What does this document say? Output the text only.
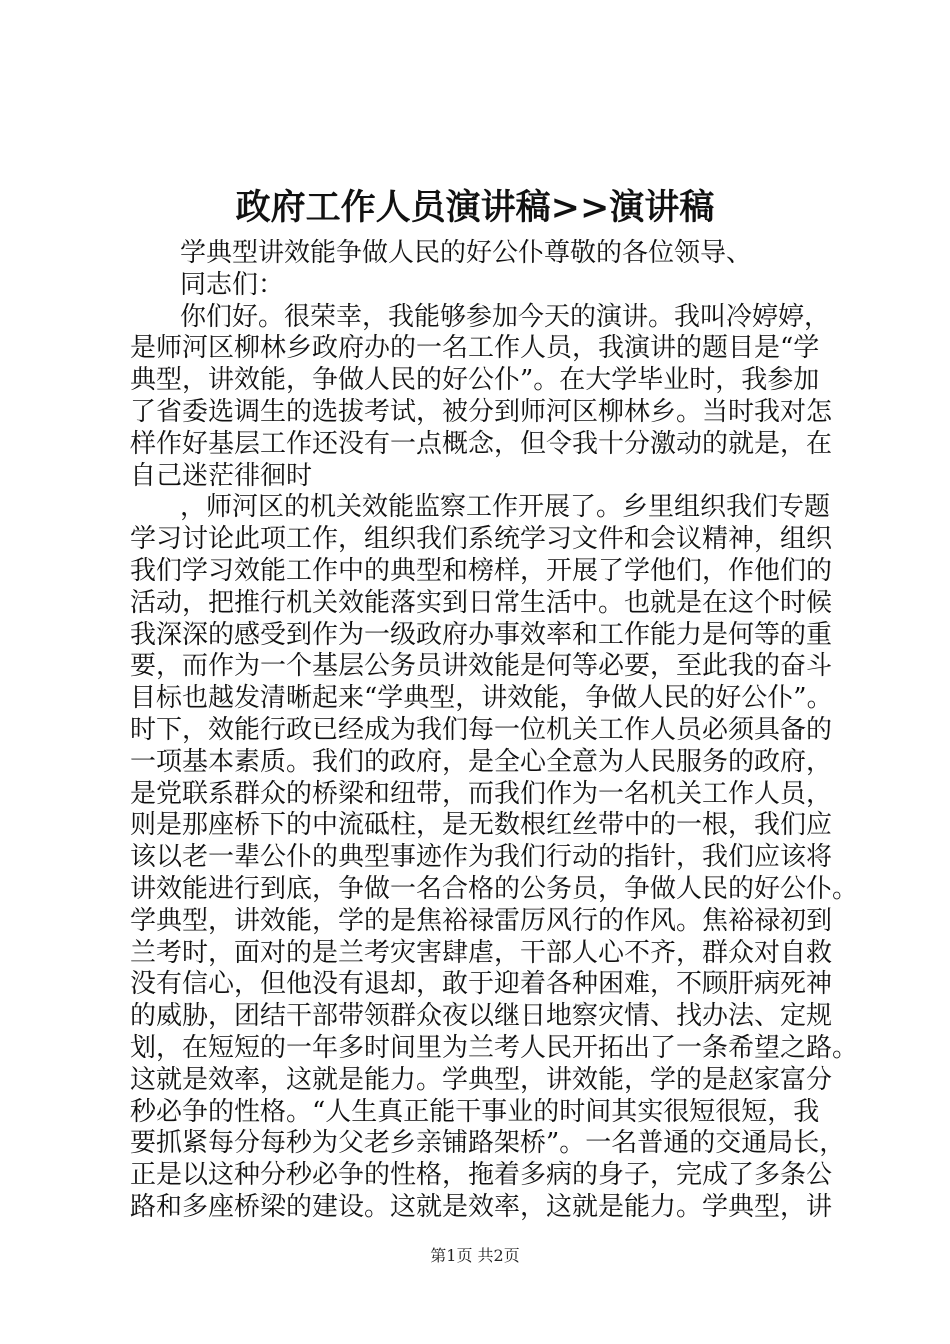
政府工作人员演讲稿>>演讲稿
学典型讲效能争做人民的好公仆尊敬的各位领导、
同志们：
你们好。很荣幸，我能够参加今天的演讲。我叫冷婷婷，
是师河区柳林乡政府办的一名工作人员，我演讲的题目是“学
典型，讲效能，争做人民的好公仆”。在大学毕业时，我参加
了省委选调生的选拔考试，被分到师河区柳林乡。当时我对怎
样作好基层工作还没有一点概念，但令我十分激动的就是，在
自己迷茫徘徊时
，师河区的机关效能监察工作开展了。乡里组织我们专题
学习讨论此项工作，组织我们系统学习文件和会议精神，组织
我们学习效能工作中的典型和榜样，开展了学他们，作他们的
活动，把推行机关效能落实到日常生活中。也就是在这个时候
我深深的感受到作为一级政府办事效率和工作能力是何等的重
要，而作为一个基层公务员讲效能是何等必要，至此我的奋斗
目标也越发清晰起来“学典型，讲效能，争做人民的好公仆”。
时下，效能行政已经成为我们每一位机关工作人员必须具备的
一项基本素质。我们的政府，是全心全意为人民服务的政府，
是党联系群众的桥梁和纽带，而我们作为一名机关工作人员，
则是那座桥下的中流砥柱，是无数根红丝带中的一根，我们应
该以老一辈公仆的典型事迹作为我们行动的指针，我们应该将
讲效能进行到底，争做一名合格的公务员，争做人民的好公仆。
学典型，讲效能，学的是焦裕禄雷厉风行的作风。焦裕禄初到
兰考时，面对的是兰考灾害肆虐，干部人心不齐，群众对自救
没有信心，但他没有退却，敢于迎着各种困难，不顾肝病死神
的威胁，团结干部带领群众夜以继日地察灾情、找办法、定规
划，在短短的一年多时间里为兰考人民开拓出了一条希望之路。
这就是效率，这就是能力。学典型，讲效能，学的是赵家富分
秒必争的性格。“人生真正能干事业的时间其实很短很短，我
要抓紧每分每秒为父老乡亲铺路架桥”。一名普通的交通局长，
正是以这种分秒必争的性格，拖着多病的身子，完成了多条公
路和多座桥梁的建设。这就是效率，这就是能力。学典型，讲
第1页 共2页
